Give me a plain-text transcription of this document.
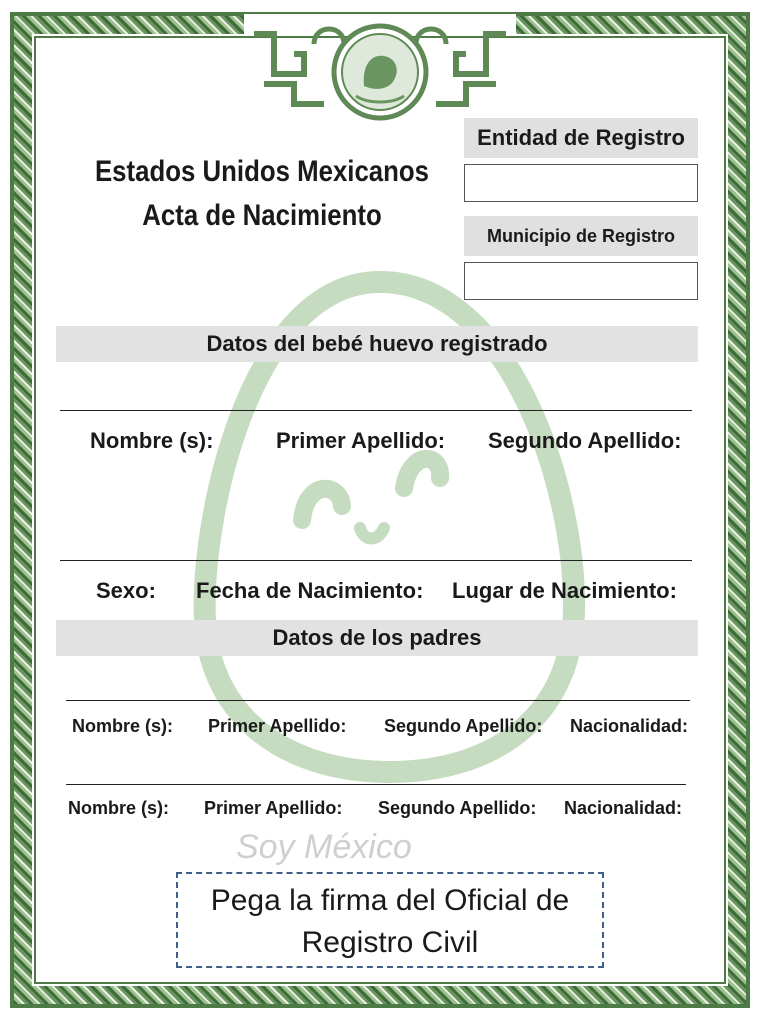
Estados Unidos Mexicanos
Acta de Nacimiento
Entidad de Registro
Municipio de Registro
Datos del bebé huevo registrado
Nombre (s):	Primer Apellido: Segundo Apellido:
Sexo: Fecha de Nacimiento: Lugar de Nacimiento:
Datos de los padres
Nombre (s): Primer Apellido: Segundo Apellido: Nacionalidad:
Nombre (s): Primer Apellido: Segundo Apellido: Nacionalidad:
Soy México
Pega la firma del Oficial de
Registro Civil
